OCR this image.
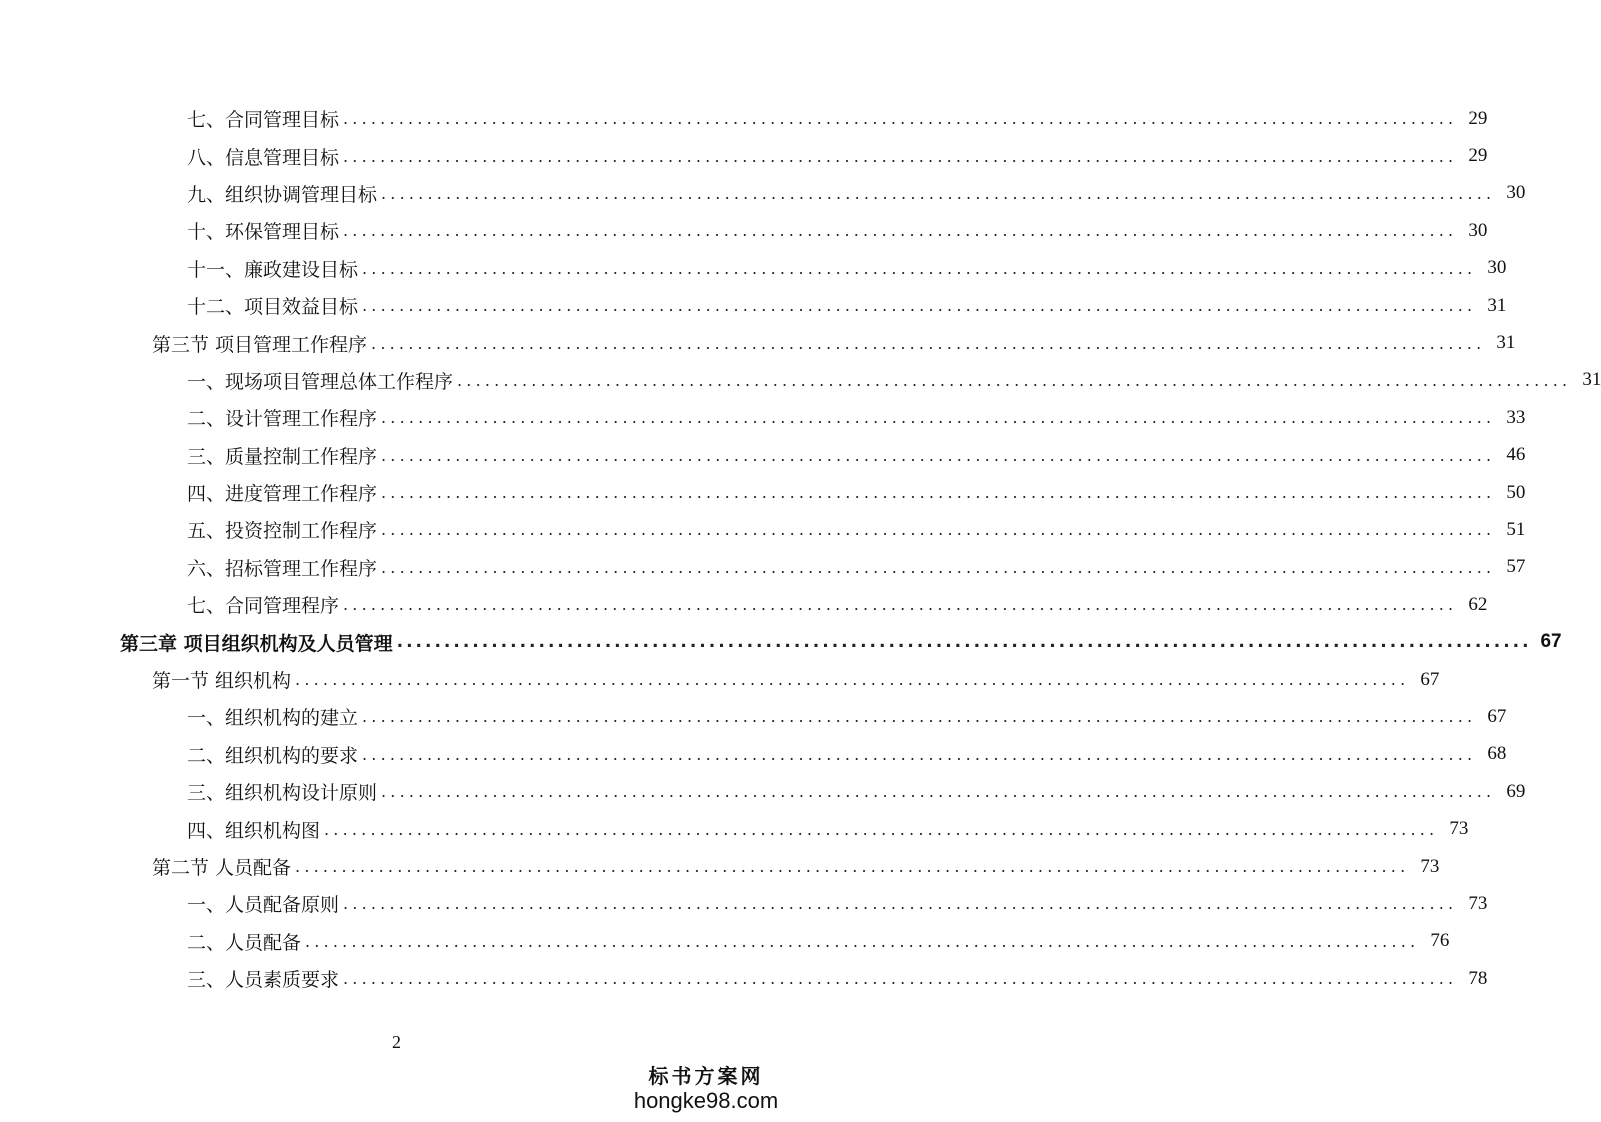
七、合同管理目标 ........................................................................................................................ 29
八、信息管理目标 ........................................................................................................................ 29
九、组织协调管理目标 ........................................................................................................................ 30
十、环保管理目标 ........................................................................................................................ 30
十一、廉政建设目标 ........................................................................................................................ 30
十二、项目效益目标 ........................................................................................................................ 31
第三节 项目管理工作程序 ........................................................................................................................ 31
一、现场项目管理总体工作程序 ........................................................................................................................ 31
二、设计管理工作程序 ........................................................................................................................ 33
三、质量控制工作程序 ........................................................................................................................ 46
四、进度管理工作程序 ........................................................................................................................ 50
五、投资控制工作程序 ........................................................................................................................ 51
六、招标管理工作程序 ........................................................................................................................ 57
七、合同管理程序 ........................................................................................................................ 62
第三章 项目组织机构及人员管理 ........................................................................................................................ 67
第一节 组织机构 ........................................................................................................................ 67
一、组织机构的建立 ........................................................................................................................ 67
二、组织机构的要求 ........................................................................................................................ 68
三、组织机构设计原则 ........................................................................................................................ 69
四、组织机构图 ........................................................................................................................ 73
第二节 人员配备 ........................................................................................................................ 73
一、人员配备原则 ........................................................................................................................ 73
二、人员配备 ........................................................................................................................ 76
三、人员素质要求 ........................................................................................................................ 78
2
标书方案网
hongke98.com
